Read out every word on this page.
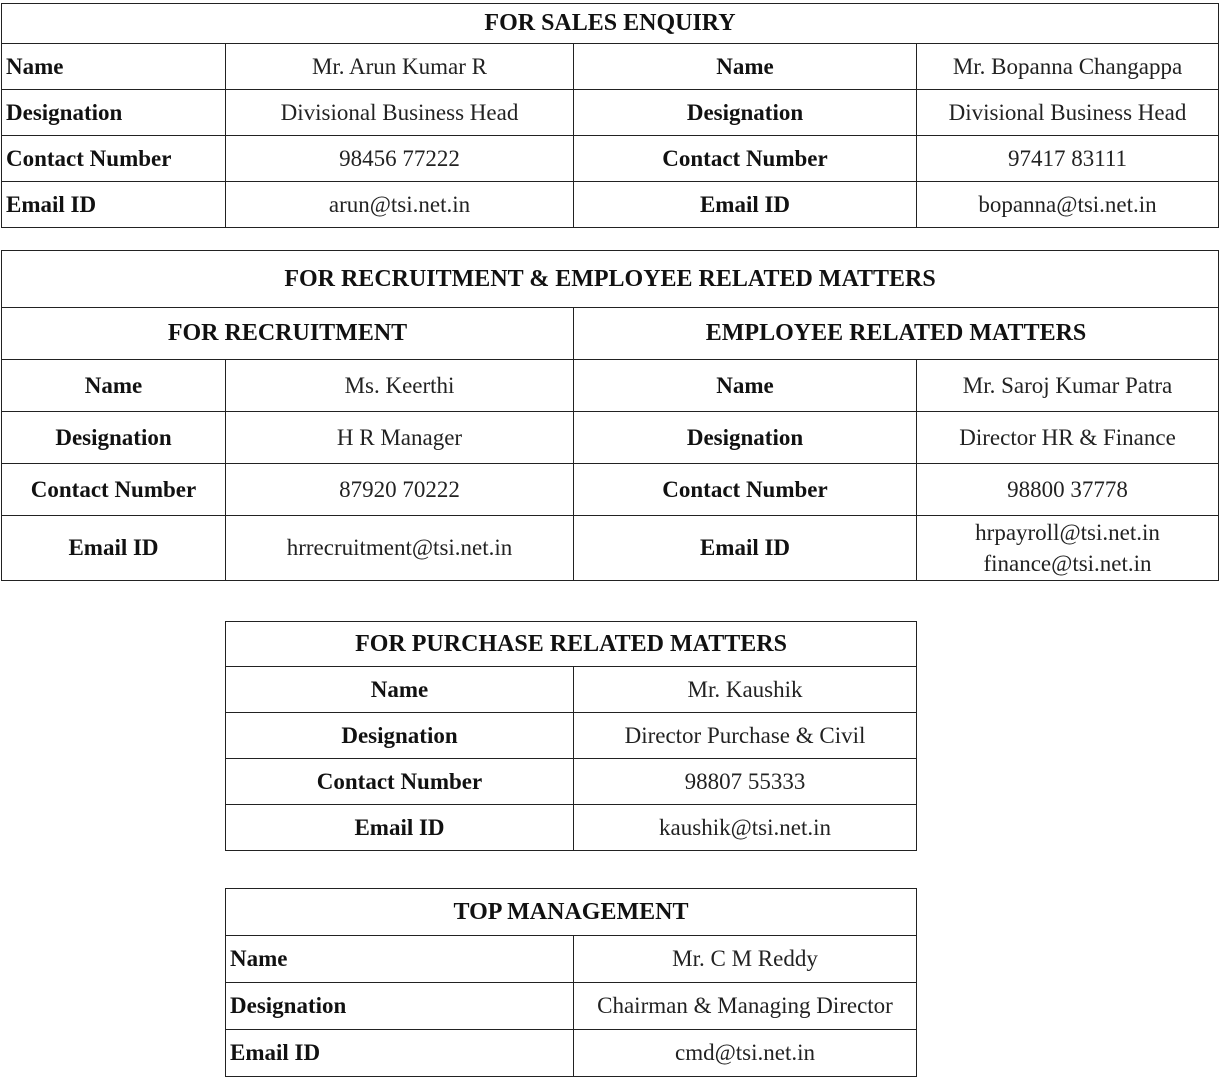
FOR SALES ENQUIRY			
Name	Mr. Arun Kumar R	Name	Mr. Bopanna Changappa
Designation	Divisional Business Head	Designation	Divisional Business Head
Contact Number	98456 77222	Contact Number	97417 83111
Email ID	arun@tsi.net.in	Email ID	bopanna@tsi.net.in
FOR RECRUITMENT & EMPLOYEE RELATED MATTERS			
FOR RECRUITMENT		EMPLOYEE RELATED MATTERS	
Name	Ms. Keerthi	Name	Mr. Saroj Kumar Patra
Designation	H R Manager	Designation	Director HR & Finance
Contact Number	87920 70222	Contact Number	98800 37778
Email ID	hrrecruitment@tsi.net.in	Email ID	hrpayroll@tsi.net.in
finance@tsi.net.in
FOR PURCHASE RELATED MATTERS	
Name	Mr. Kaushik
Designation	Director Purchase & Civil
Contact Number	98807 55333
Email ID	kaushik@tsi.net.in
TOP MANAGEMENT	
Name	Mr. C M Reddy
Designation	Chairman & Managing Director
Email ID	cmd@tsi.net.in
